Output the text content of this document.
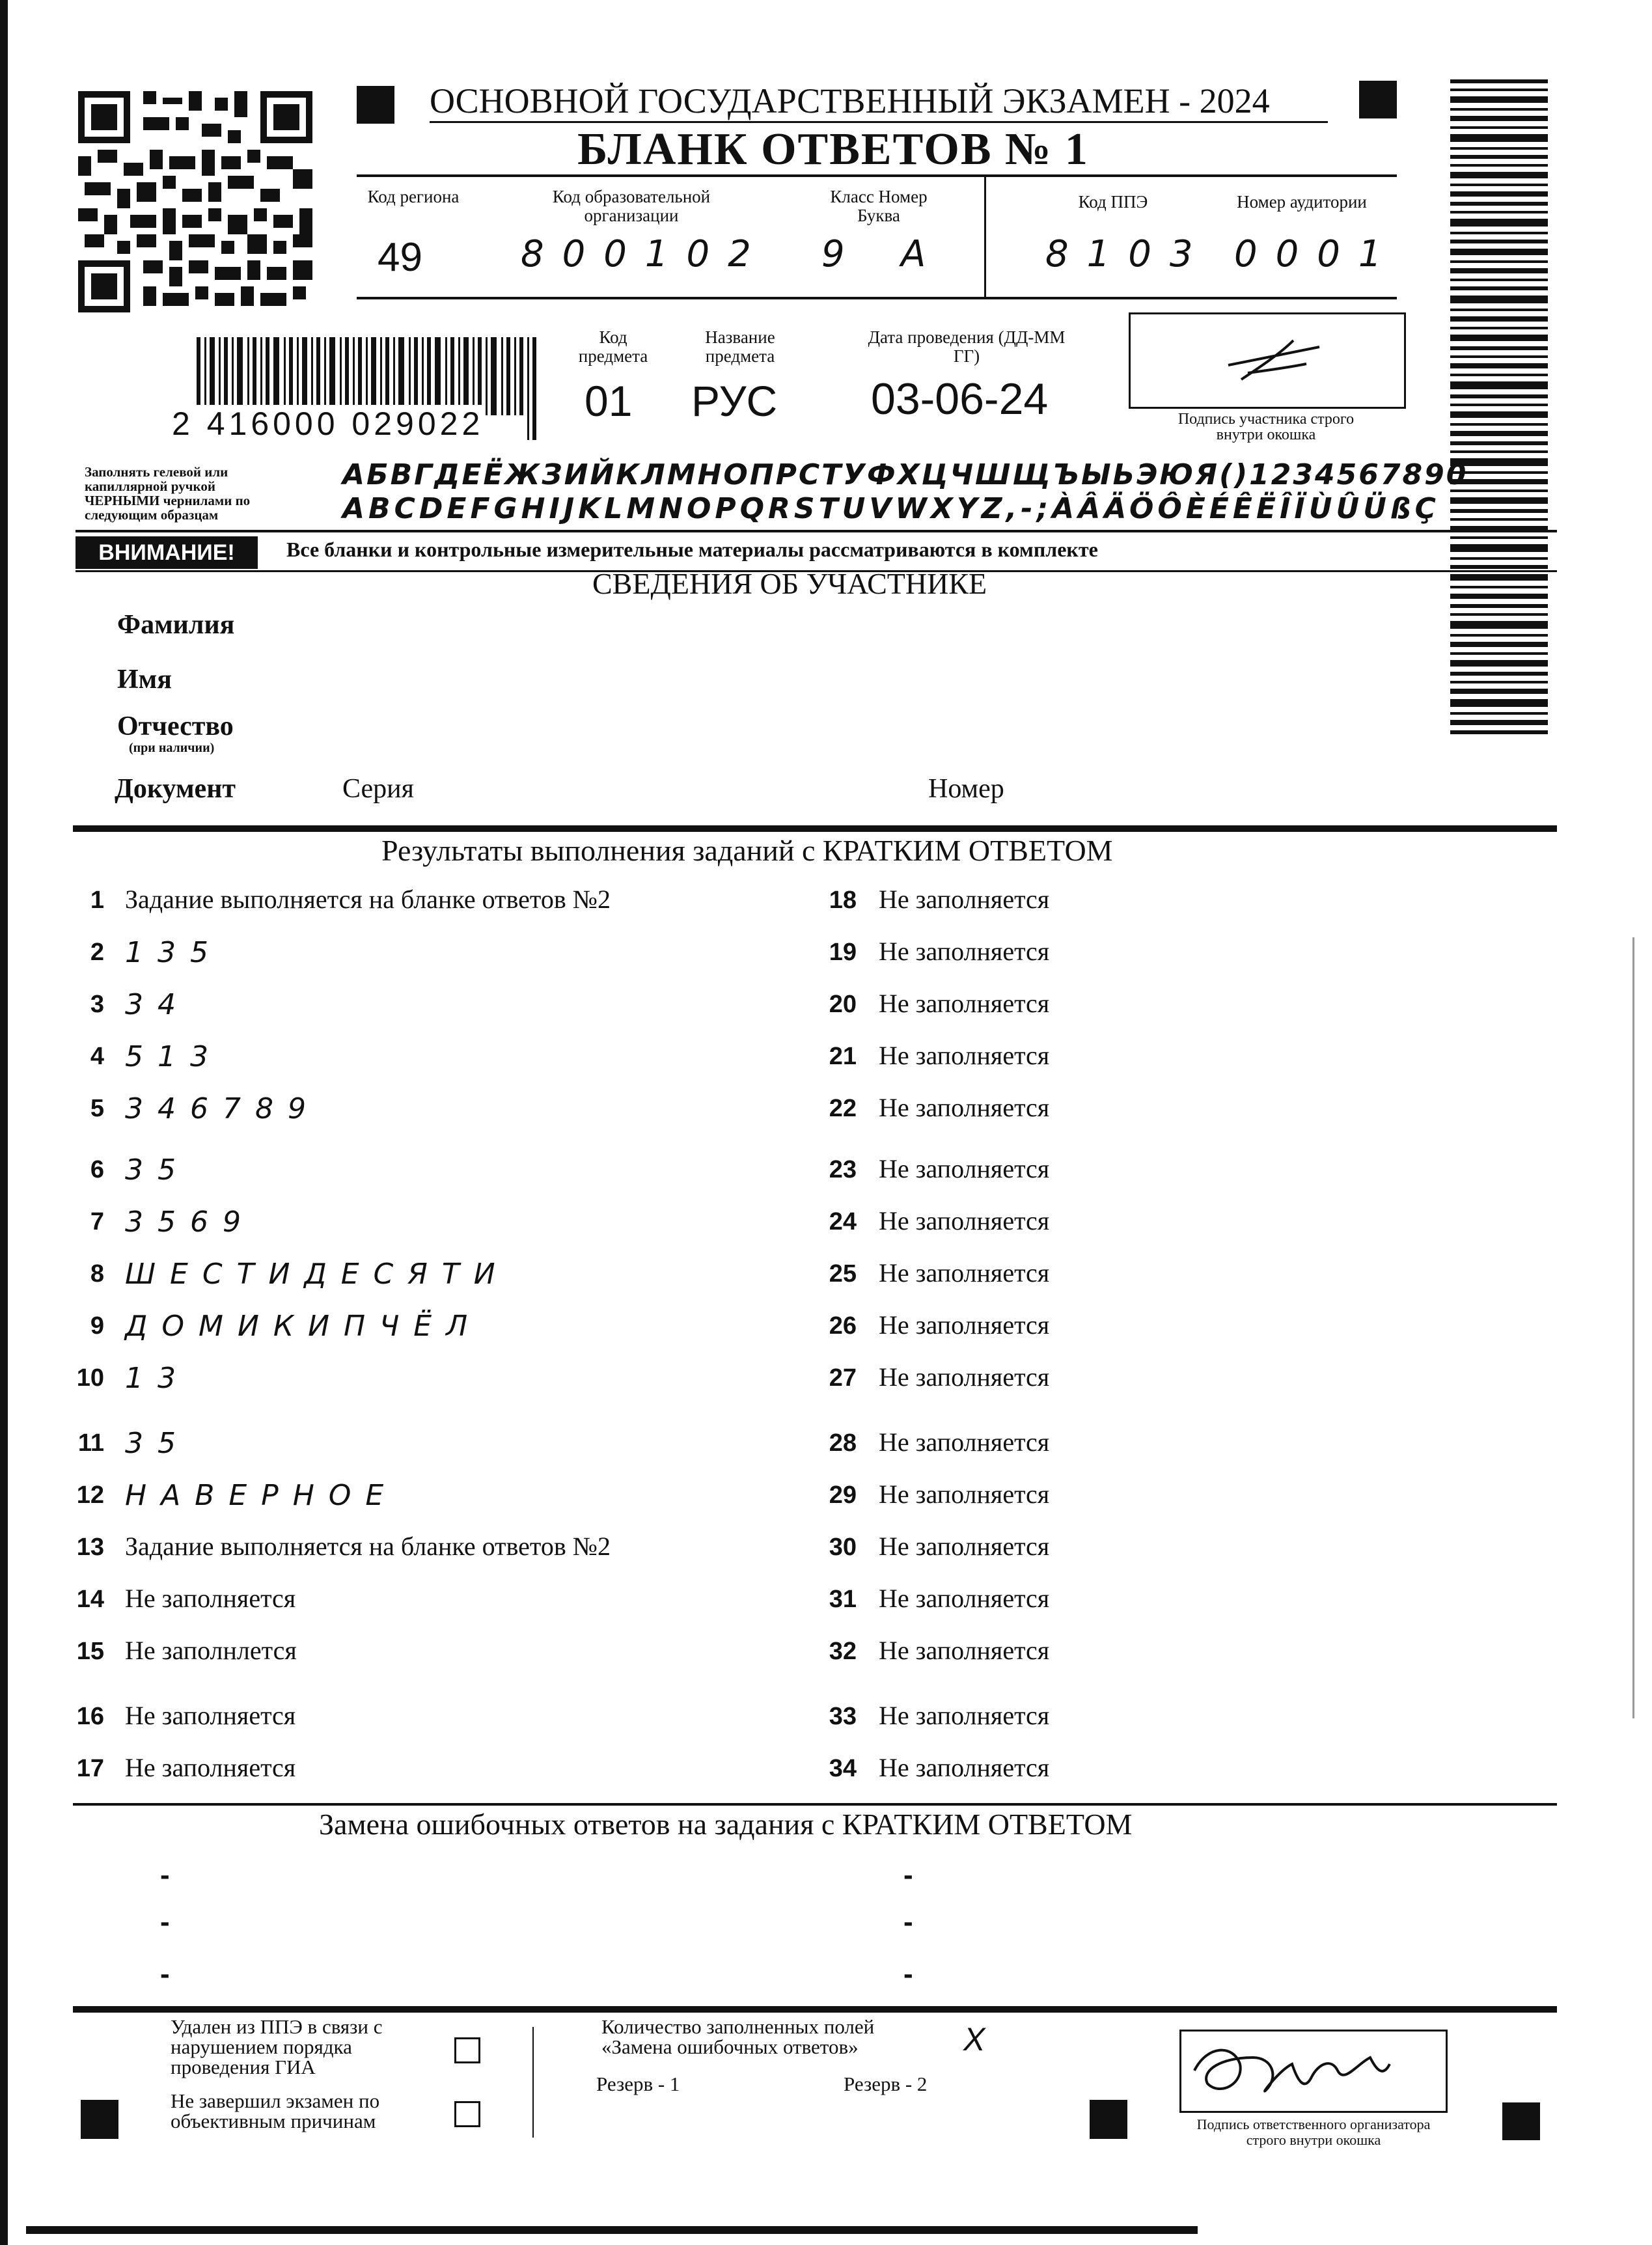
ОСНОВНОЙ ГОСУДАРСТВЕННЫЙ ЭКЗАМЕН - 2024
БЛАНК ОТВЕТОВ № 1
Код региона	Код образовательной организации
Класс Номер Буква
Код ППЭ	Номер аудитории
49	800102 9 А	8103 0001
2 416000 029022
Код предмета
Название предмета
Дата проведения (ДД-ММ ГГ)
01 РУС 03-06-24	Подпись участника строго внутри окошка
Заполнять гелевой или капиллярной ручкой ЧЕРНЫМИ чернилами по следующим образцам
АБВГДЕЁЖЗИЙКЛМНОПРСТУФХЦЧШЩЪЫЬЭЮЯ()1234567890
ABCDEFGHIJKLMNOPQRSTUVWXYZ,-;ÀÂÄÖÔÈÉÊËÎÏÙÛÜßÇ
ВНИМАНИЕ!	Все бланки и контрольные измерительные материалы рассматриваются в комплекте
СВЕДЕНИЯ ОБ УЧАСТНИКЕ
Фамилия
Имя
Отчество
(при наличии)
Документ	Серия	Номер
Результаты выполнения заданий с КРАТКИМ ОТВЕТОМ
1 Задание выполняется на бланке ответов №2
2 135
3 34
4 513
5 346789
6 35
7 3569
8 ШЕСТИДЕСЯТИ
9 ДОМИКИПЧЁЛ
10 13
11 35
12 НАВЕРНОЕ
13 Задание выполняется на бланке ответов №2
14 Не заполняется
15 Не заполнлется
16 Не заполняется
17 Не заполняется
18 Не заполняется
19 Не заполняется
20 Не заполняется
21 Не заполняется
22 Не заполняется
23 Не заполняется
24 Не заполняется
25 Не заполняется
26 Не заполняется
27 Не заполняется
28 Не заполняется
29 Не заполняется
30 Не заполняется
31 Не заполняется
32 Не заполняется
33 Не заполняется
34 Не заполняется
Замена ошибочных ответов на задания с КРАТКИМ ОТВЕТОМ
-	-
-	-
-	-
Удален из ППЭ в связи с нарушением порядка проведения ГИА
Не завершил экзамен по объективным причинам
Количество заполненных полей «Замена ошибочных ответов»	X
Резерв - 1	Резерв - 2
Подпись ответственного организатора строго внутри окошка
